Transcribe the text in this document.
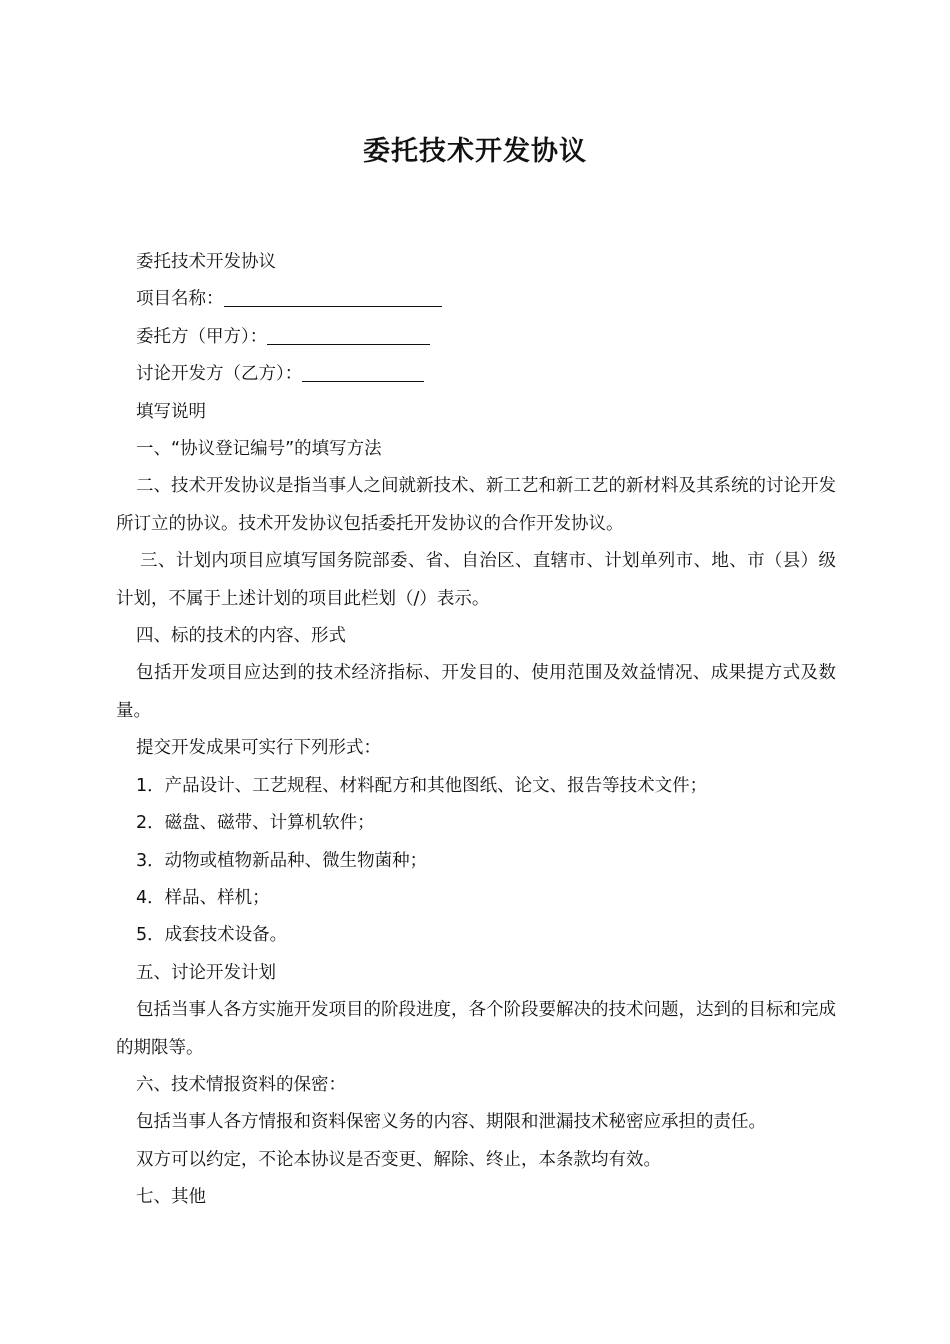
委托技术开发协议

委托技术开发协议

项目名称：

委托方（甲方）：

讨论开发方（乙方）：

填写说明

一、“协议登记编号”的填写方法

二、技术开发协议是指当事人之间就新技术、新工艺和新工艺的新材料及其系统的讨论开发所订立的协议。技术开发协议包括委托开发协议的合作开发协议。

三、计划内项目应填写国务院部委、省、自治区、直辖市、计划单列市、地、市（县）级计划，不属于上述计划的项目此栏划（/）表示。

四、标的技术的内容、形式

包括开发项目应达到的技术经济指标、开发目的、使用范围及效益情况、成果提方式及数量。

提交开发成果可实行下列形式：

1．产品设计、工艺规程、材料配方和其他图纸、论文、报告等技术文件；

2．磁盘、磁带、计算机软件；

3．动物或植物新品种、微生物菌种；

4．样品、样机；

5．成套技术设备。

五、讨论开发计划

包括当事人各方实施开发项目的阶段进度，各个阶段要解决的技术问题，达到的目标和完成的期限等。

六、技术情报资料的保密：

包括当事人各方情报和资料保密义务的内容、期限和泄漏技术秘密应承担的责任。

双方可以约定，不论本协议是否变更、解除、终止，本条款均有效。

七、其他
